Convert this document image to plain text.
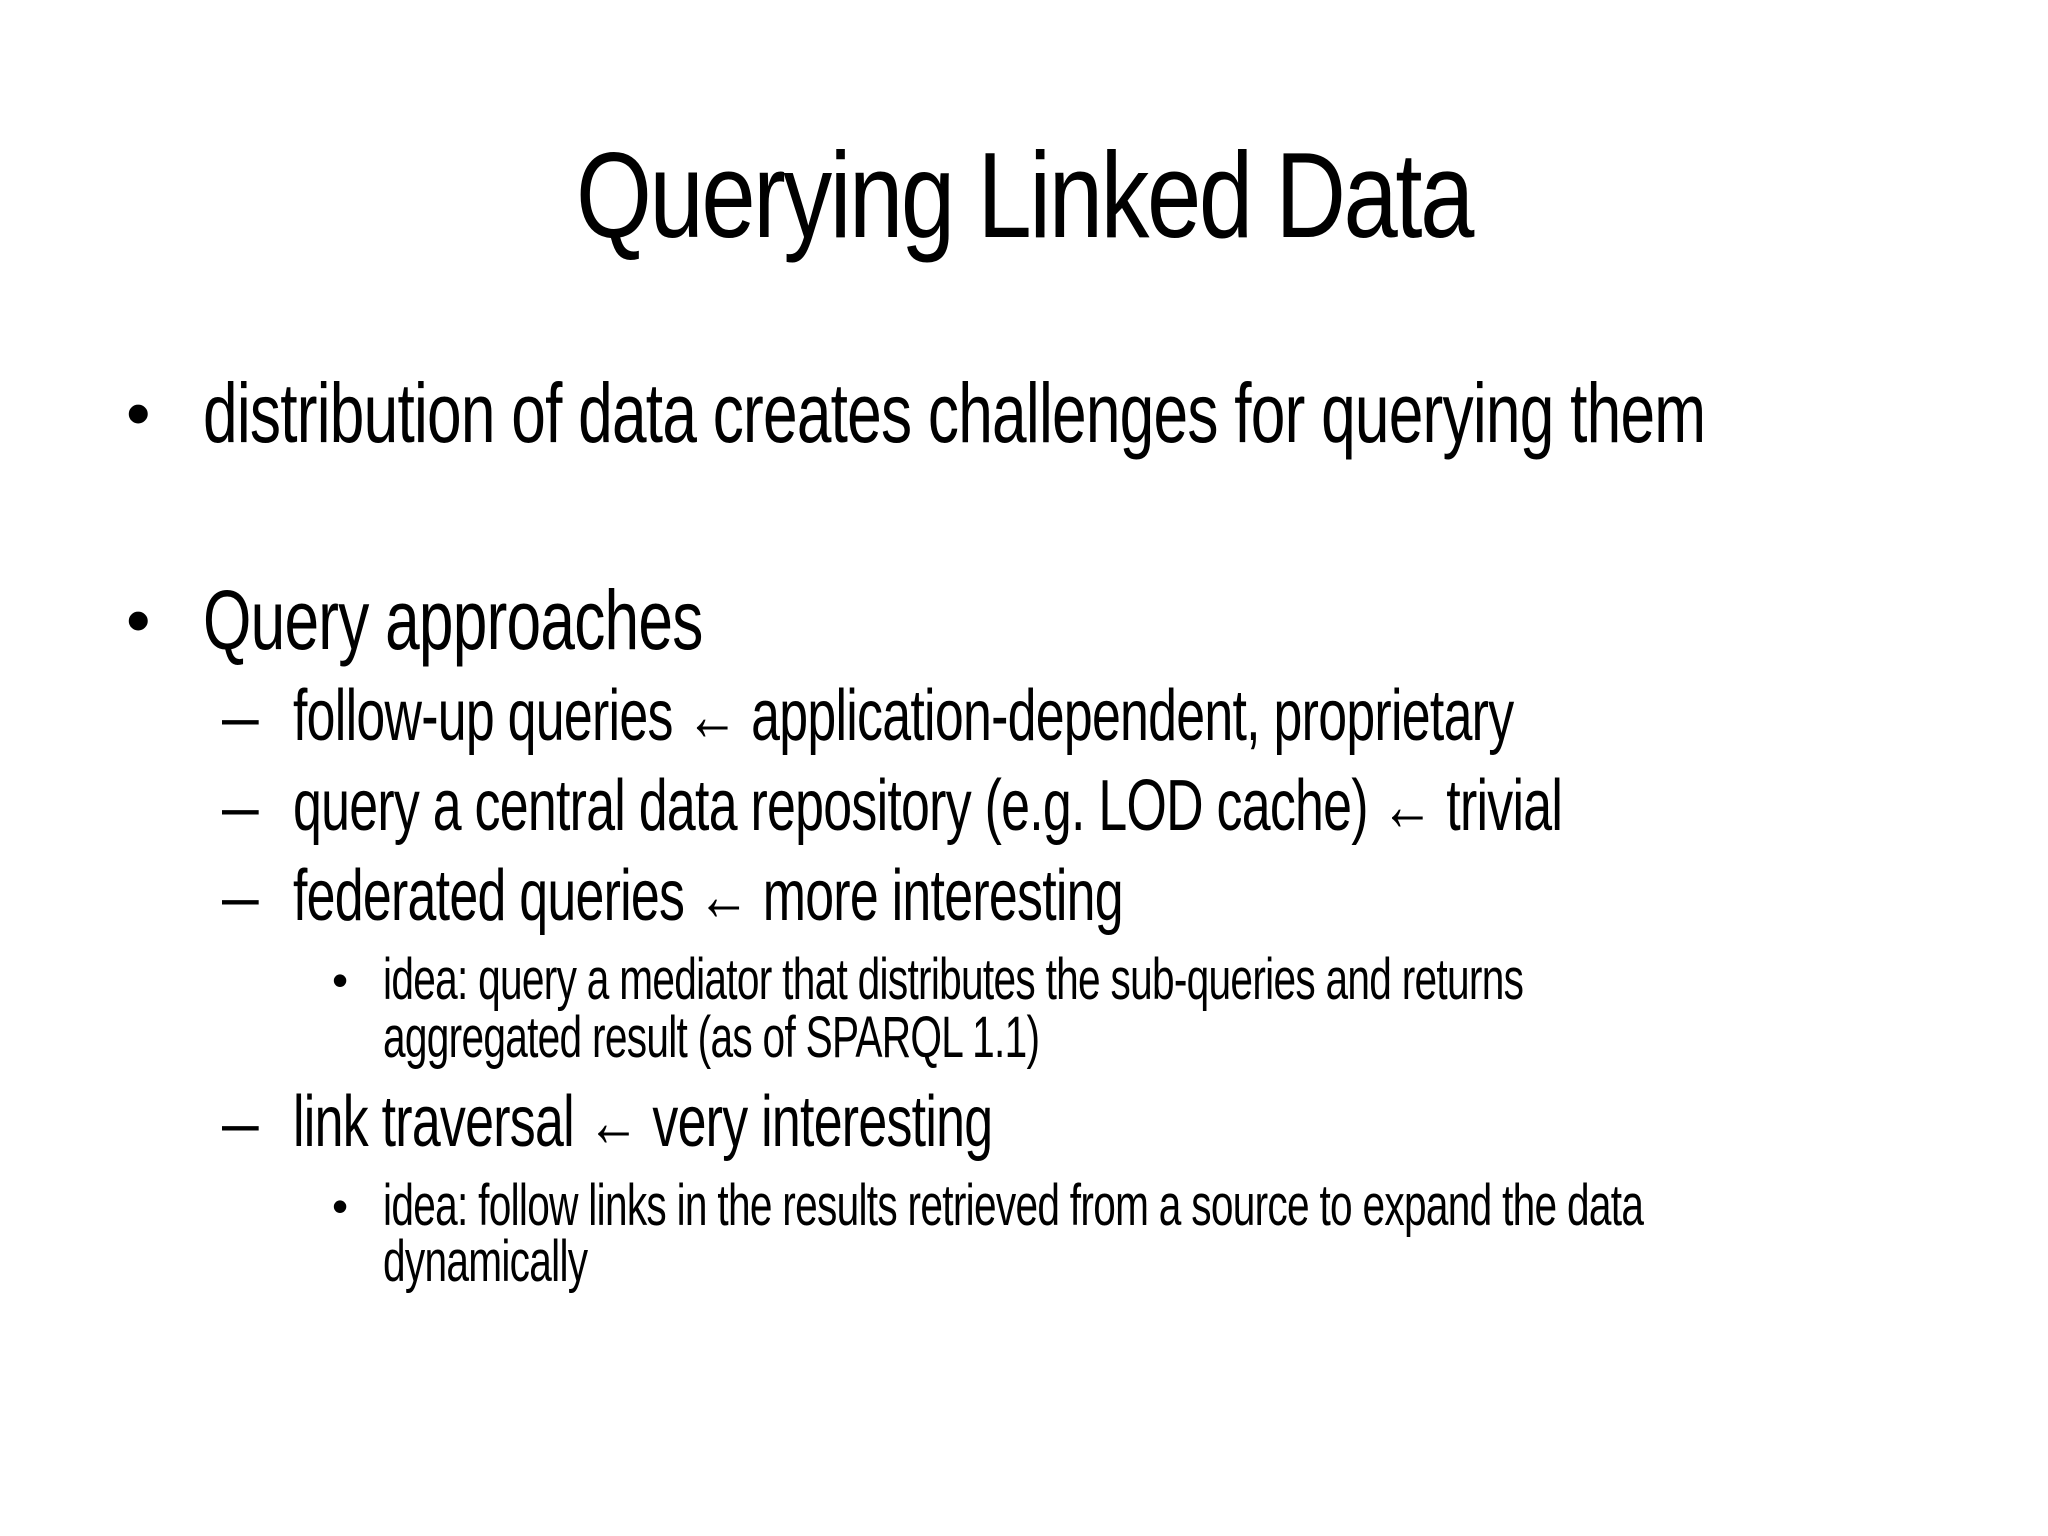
Querying Linked Data
• distribution of data creates challenges for querying them
• Query approaches
– follow-up queries ← application-dependent, proprietary
– query a central data repository (e.g. LOD cache) ← trivial
– federated queries ← more interesting
• idea: query a mediator that distributes the sub-queries and returns
aggregated result (as of SPARQL 1.1)
– link traversal ← very interesting
• idea: follow links in the results retrieved from a source to expand the data
dynamically
